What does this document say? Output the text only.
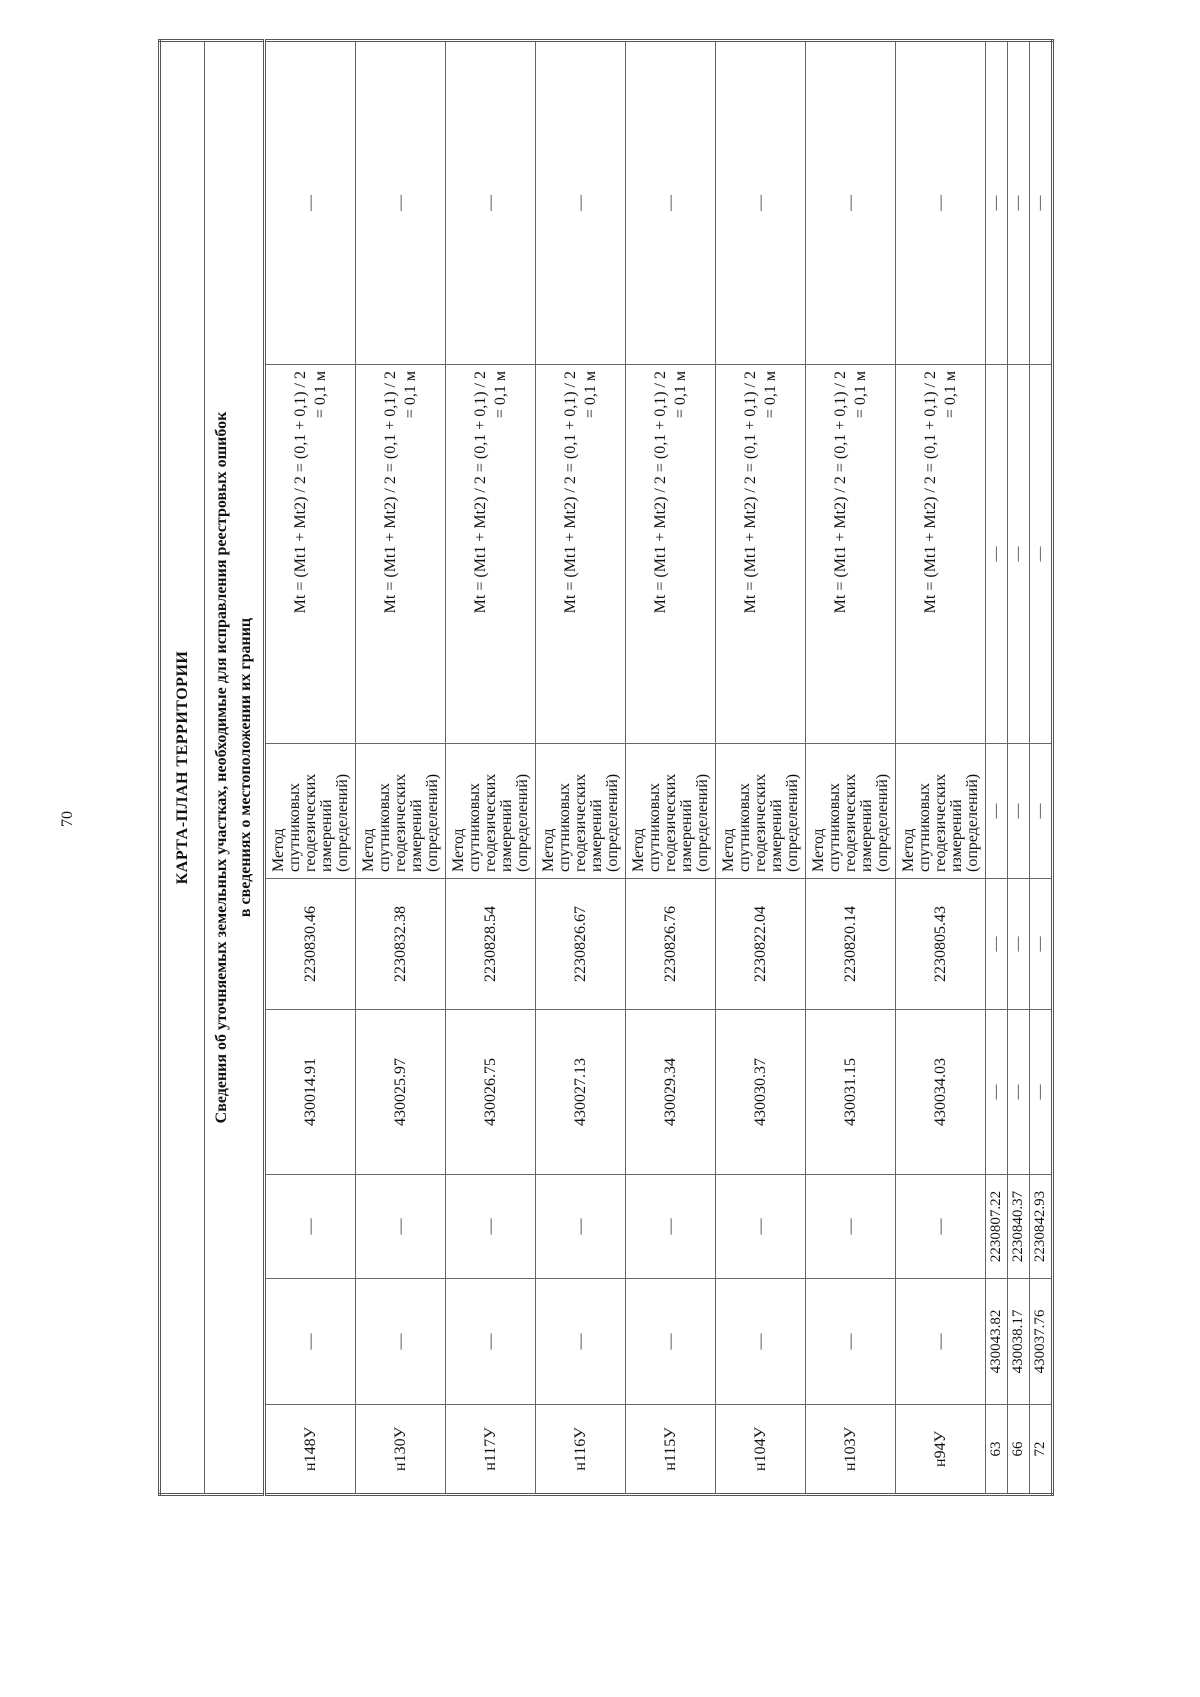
70	КАРТА-ПЛАН ТЕРРИТОРИИ							

Сведения об уточняемых земельных участках, необходимые для исправления реестровых ошибок в сведениях о местоположении их границ							

н148У	—	—	430014.91	2230830.46	Метод спутниковых геодезических измерений (определений)	Mt = (Mt1 + Mt2) / 2 = (0,1 + 0,1) / 2 = 0,1 м	—
н130У	—	—	430025.97	2230832.38	Метод спутниковых геодезических измерений (определений)	Mt = (Mt1 + Mt2) / 2 = (0,1 + 0,1) / 2 = 0,1 м	—
н117У	—	—	430026.75	2230828.54	Метод спутниковых геодезических измерений (определений)	Mt = (Mt1 + Mt2) / 2 = (0,1 + 0,1) / 2 = 0,1 м	—
н116У	—	—	430027.13	2230826.67	Метод спутниковых геодезических измерений (определений)	Mt = (Mt1 + Mt2) / 2 = (0,1 + 0,1) / 2 = 0,1 м	—
н115У	—	—	430029.34	2230826.76	Метод спутниковых геодезических измерений (определений)	Mt = (Mt1 + Mt2) / 2 = (0,1 + 0,1) / 2 = 0,1 м	—
н104У	—	—	430030.37	2230822.04	Метод спутниковых геодезических измерений (определений)	Mt = (Mt1 + Mt2) / 2 = (0,1 + 0,1) / 2 = 0,1 м	—
н103У	—	—	430031.15	2230820.14	Метод спутниковых геодезических измерений (определений)	Mt = (Mt1 + Mt2) / 2 = (0,1 + 0,1) / 2 = 0,1 м	—
н94У	—	—	430034.03	2230805.43	Метод спутниковых геодезических измерений (определений)	Mt = (Mt1 + Mt2) / 2 = (0,1 + 0,1) / 2 = 0,1 м	—
63	430043.82	2230807.22	—	—	—	—	—
66	430038.17	2230840.37	—	—	—	—	—
72	430037.76	2230842.93	—	—	—	—	—
